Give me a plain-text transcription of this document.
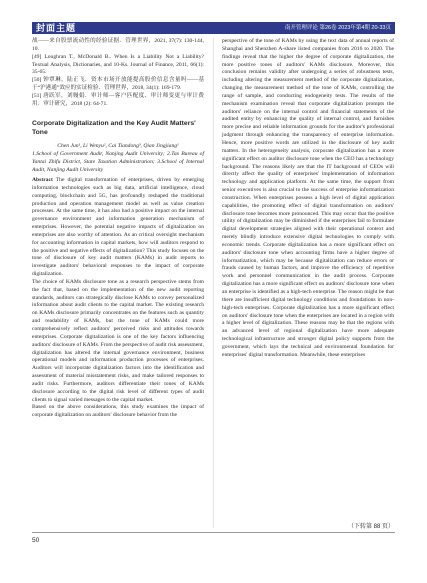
封面主题	南开管理评论 第26卷 2023年第4期 20-33页

战——来自股票流动性的经验证据．管理世界，2021, 37(7): 130-144, 10.

[49] Loughran T., McDonald B.. When Is a Liability Not a Liability? Textual Analysis, Dictionaries, and 10-Ks. Journal of Finance, 2011, 66(1): 35-65.

[50] 钟覃琳，陆正飞．资本市场开放能提高股价信息含量吗——基于“沪港通”效应的实证检验．管理世界，2018, 34(1): 169-179.

[51] 唐跃军，刘嫚娟．审计师—客户匹配度、审计师变更与审计费用．审计研究，2018 (2): 64-71.

Corporate Digitalization and the Key Audit Matters' Tone

Chen Jun¹, Li Wenyu², Cai Tiandong³, Qian Jingjiang¹

1.School of Government Audit, Nanjing Audit University; 2.Tax Bureau of Yantai Zhifu District, State Taxation Administration; 3.School of Internal Audit, Nanjing Audit University

Abstract The digital transformation of enterprises, driven by emerging information technologies such as big data, artificial intelligence, cloud computing, blockchain and 5G, has profoundly reshaped the traditional production and operation management model as well as value creation processes. At the same time, it has also had a positive impact on the internal governance environment and information generation mechanism of enterprises. However, the potential negative impacts of digitalization on enterprises are also worthy of attention. As an critical oversight mechanism for accounting information in capital markets, how will auditors respond to the positive and negative effects of digitalization? This study focuses on the tone of disclosure of key audit matters (KAMs) in audit reports to investigate auditors' behavioral responses to the impact of corporate digitalization.

The choice of KAMs disclosure tone as a research perspective stems from the fact that, based on the implementation of the new audit reporting standards, auditors can strategically disclose KAMs to convey personalized information about audit clients to the capital market. The existing research on KAMs disclosure primarily concentrates on the features such as quantity and readability of KAMs, but the tone of KAMs could more comprehensively reflect auditors' perceived risks and attitudes towards enterprises. Corporate digitalization is one of the key factors influencing auditors' disclosure of KAMs. From the perspective of audit risk assessment, digitalization has altered the internal governance environment, business operational models and information production processes of enterprises. Auditors will incorporate digitalization factors into the identification and assessment of material misstatement risks, and make tailored responses to audit risks. Furthermore, auditors differentiate their tones of KAMs disclosure according to the digital risk level of different types of audit clients to signal varied messages to the capital market.

Based on the above considerations, this study examines the impact of corporate digitalization on auditors' disclosure behavior from the

perspective of the tone of KAMs by using the text data of annual reports of Shanghai and Shenzhen A-share listed companies from 2016 to 2020. The findings reveal that the higher the degree of corporate digitalization, the more positive tones of auditors' KAMs disclosure. Moreover, this conclusion remains validity after undergoing a series of robustness tests, including altering the measurement method of the corporate digitalization, changing the measurement method of the tone of KAMs, controlling the range of sample, and conducting endogeneity tests. The results of the mechanism examination reveal that corporate digitalization prompts the auditors' reliance on the internal control and financial statements of the audited entity by enhancing the quality of internal control, and furnishes more precise and reliable information grounds for the auditor's professional judgment through enhancing the transparency of enterprise information. Hence, more positive words are utilized in the disclosure of key audit matters. In the heterogeneity analysis, corporate digitalization has a more significant effect on auditor disclosure tone when the CEO has a technology background. The reasons likely are that the IT background of CEOs will directly affect the quality of enterprises' implementation of information technology and application platform. At the same time, the support from senior executives is also crucial to the success of enterprise informatization construction. When enterprises possess a high level of digital application capabilities, the promoting effect of digital transformation on auditors' disclosure tone becomes more pronounced. This may occur that the positive utility of digitalization may be diminished if the enterprises fail to formulate digital development strategies aligned with their operational context and merely blindly introduce extensive digital technologies to comply with economic trends. Corporate digitalization has a more significant effect on auditors' disclosure tone when accounting firms have a higher degree of informatization, which may be because digitalization can reduce errors or frauds caused by human factors, and improve the efficiency of repetitive work and personnel communication in the audit process. Corporate digitalization has a more significant effect on auditors' disclosure tone when an enterprise is identified as a high-tech enterprise. The reason might be that there are insufficient digital technology conditions and foundations in non-high-tech enterprises. Corporate digitalization has a more significant effect on auditors' disclosure tone when the enterprises are located in a region with a higher level of digitalization. These reasons may be that the regions with an advanced level of regional digitalization have more adequate technological infrastructure and stronger digital policy supports from the government, which lays the technical and environmental foundation for enterprises' digital transformation. Meanwhile, these enterprises

（下转第 88 页）
50
